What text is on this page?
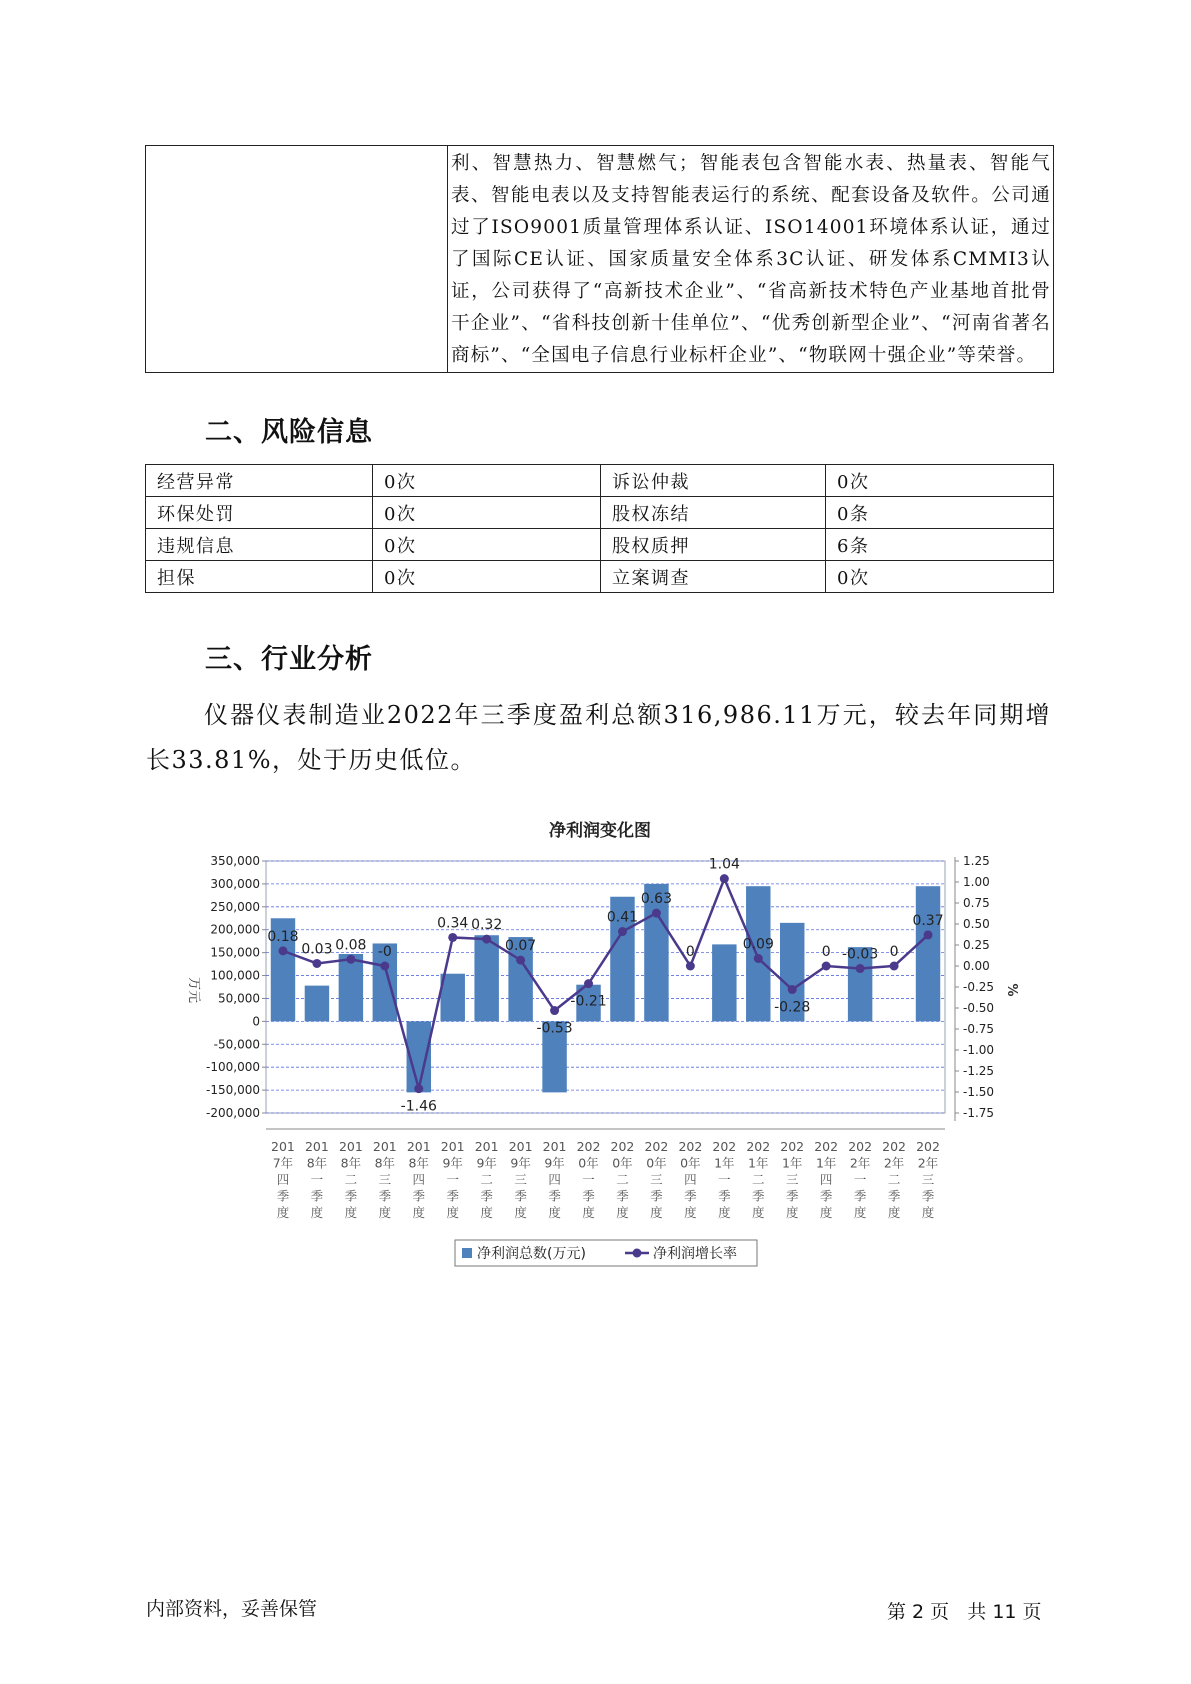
利、智慧热力、智慧燃气；智能表包含智能水表、热量表、智能气表、智能电表以及支持智能表运行的系统、配套设备及软件。公司通过了ISO9001质量管理体系认证、ISO14001环境体系认证，通过了国际CE认证、国家质量安全体系3C认证、研发体系CMMI3认证，公司获得了“高新技术企业”、“省高新技术特色产业基地首批骨干企业”、“省科技创新十佳单位”、“优秀创新型企业”、“河南省著名商标”、“全国电子信息行业标杆企业”、“物联网十强企业”等荣誉。
二、风险信息
经营异常	0次	诉讼仲裁	0次
环保处罚	0次	股权冻结	0条
违规信息	0次	股权质押	6条
担保	0次	立案调查	0次
三、行业分析

仪器仪表制造业2022年三季度盈利总额316,986.11万元，较去年同期增长33.81%，处于历史低位。

净利润变化图
万元	%
350,000
300,000
250,000
200,000
150,000
100,000
50,000
0
-50,000
-100,000
-150,000
-200,000
1.25
1.00
0.75
0.50
0.25
0.00
-0.25
-0.50
-0.75
-1.00
-1.25
-1.50
-1.75
0.18
0.03 0.08 -0
-1.46
0.34 0.32
0.07
-0.53
-0.21
0.41
0.63
0
1.04
0.09
-0.28
0 -0.03 0
0.37
201 7年四季度
201 8年一季度
201 8年二季度
201 8年三季度
201 8年四季度
201 9年一季度
201 9年二季度
201 9年三季度
201 9年四季度
202 0年一季度
202 0年二季度
202 0年三季度
202 0年四季度
202 1年一季度
202 1年二季度
202 1年三季度
202 1年四季度
202 2年一季度
202 2年二季度
202 2年三季度
净利润总数(万元)	净利润增长率
内部资料，妥善保管	第 2 页   共 11 页
